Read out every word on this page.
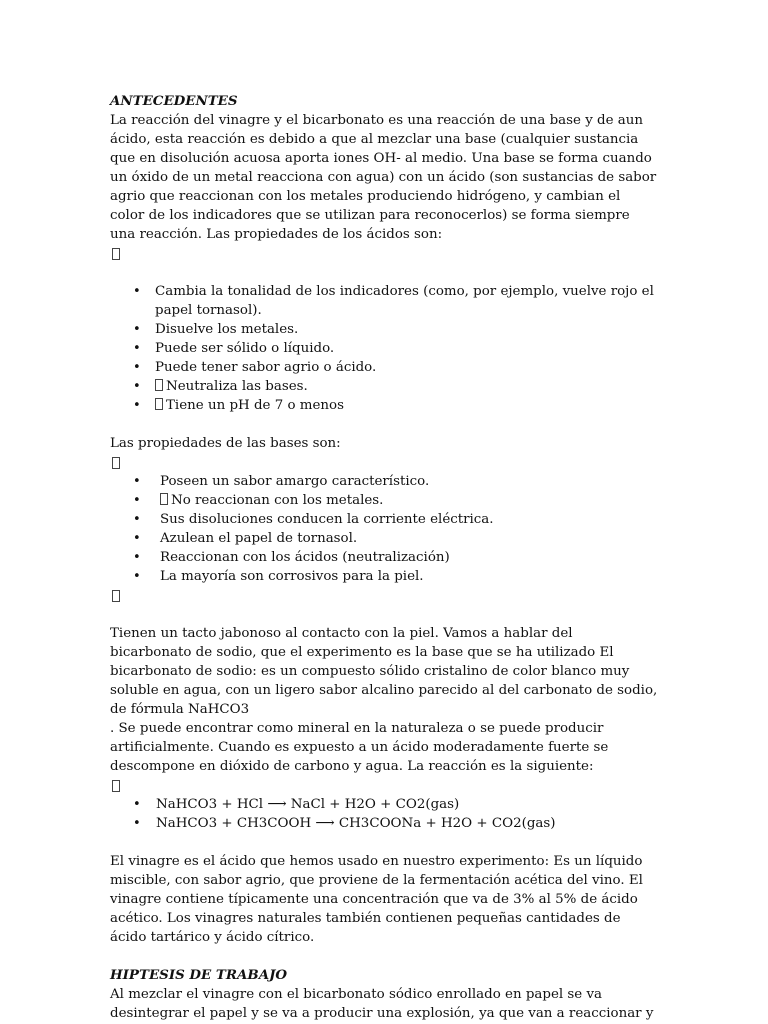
ANTECEDENTES

La reacción del vinagre y el bicarbonato es una reacción de una base y de aun ácido, esta reacción es debido a que al mezclar una base (cualquier sustancia que en disolución acuosa aporta iones OH- al medio. Una base se forma cuando un óxido de un metal reacciona con agua) con un ácido (son sustancias de sabor agrio que reaccionan con los metales produciendo hidrógeno, y cambian el color de los indicadores que se utilizan para reconocerlos) se forma siempre una reacción. Las propiedades de los ácidos son:

• Cambia la tonalidad de los indicadores (como, por ejemplo, vuelve rojo el papel tornasol).
• Disuelve los metales.
• Puede ser sólido o líquido.
• Puede tener sabor agrio o ácido.
• Neutraliza las bases.
• Tiene un pH de 7 o menos

Las propiedades de las bases son:

• Poseen un sabor amargo característico.
• No reaccionan con los metales.
• Sus disoluciones conducen la corriente eléctrica.
• Azulean el papel de tornasol.
• Reaccionan con los ácidos (neutralización)
• La mayoría son corrosivos para la piel.

Tienen un tacto jabonoso al contacto con la piel. Vamos a hablar del bicarbonato de sodio, que el experimento es la base que se ha utilizado El bicarbonato de sodio: es un compuesto sólido cristalino de color blanco muy soluble en agua, con un ligero sabor alcalino parecido al del carbonato de sodio, de fórmula NaHCO3

. Se puede encontrar como mineral en la naturaleza o se puede producir artificialmente. Cuando es expuesto a un ácido moderadamente fuerte se descompone en dióxido de carbono y agua. La reacción es la siguiente:

• NaHCO3 + HCl ⟶ NaCl + H2O + CO2(gas)
• NaHCO3 + CH3COOH ⟶ CH3COONa + H2O + CO2(gas)

El vinagre es el ácido que hemos usado en nuestro experimento: Es un líquido miscible, con sabor agrio, que proviene de la fermentación acética del vino. El vinagre contiene típicamente una concentración que va de 3% al 5% de ácido acético. Los vinagres naturales también contienen pequeñas cantidades de ácido tartárico y ácido cítrico.

HIPTESIS DE TRABAJO

Al mezclar el vinagre con el bicarbonato sódico enrollado en papel se va desintegrar el papel y se va a producir una explosión, ya que van a reaccionar y
